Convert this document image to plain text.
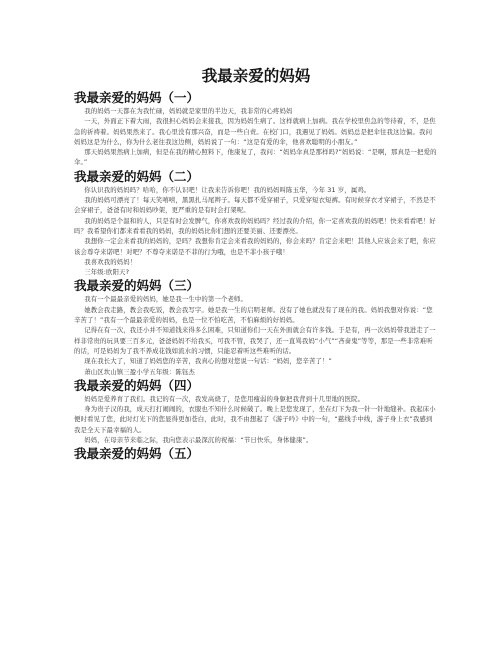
我最亲爱的妈妈
我最亲爱的妈妈（一）

我的妈妈一天都在为我忙碌，妈妈就是家里的半边天，我非常的心疼妈妈

一天，外面正下着大雨，我很担心妈妈会来接我，因为妈妈生病了。这样就病上加病。我在学校里焦急的等待着，不，是焦急的祈祷着。妈妈果然来了。我心里没有那兴奋，而是一些自责。在校门口，我遇见了妈妈。妈妈总是把伞往我这边偏。我问妈妈这是为什么，你为什么老往我这边侧，妈妈说了一句：“这是有爱的伞，他喜欢聪明的小朋友。”

那天妈妈果然病上加病，但是在我的精心照料下，他康复了，我问：“妈妈伞真是那样吗?”妈妈说：“是啊，那真是一把爱的伞。”

我最亲爱的妈妈（二）

你认识我的妈妈吗？哈哈，你不认识吧！让我来告诉你吧！我的妈妈叫陈玉华，今年 31 岁，属鸡。

我的妈妈可漂亮了！每天笑嘻嘻，黑黑扎马尾辫子。每天都不爱穿裙子，只爱穿短衣短裤。有时候穿衣才穿裙子，不然是不会穿裙子，爸爸有时和妈妈吵架，更严重的是有时会打架呢。

我的妈妈是个温和的人，只是有时会发脾气，你喜欢我的妈妈吗？经过我的介绍，你一定喜欢我的妈妈吧！快来看看吧！好吗？我希望你们都来看看我的妈妈，我的妈妈比你们想的还要美丽、还要漂亮。

我想你一定会来看我的妈妈的，是吗？我想你肯定会来看我的妈妈的，你会来吗？肯定会来吧！其他人应该会来了吧，你应该会尊夺来诺吧！对吧？不尊夺来诺是不菲的行为哦，也是不菲小孩子哦！

我喜欢我的妈妈！

三年级:欧阳天?

我最亲爱的妈妈（三）

我有一个最最亲爱的妈妈，她是我一生中的第一个老师。

她教会我走路，教会我吃饭，教会我写字。她是我一生的启明老师。没有了她也就没有了现在的我。妈妈我想对你说：“您辛苦了！”我有一个最最亲爱的妈妈，也是一位不怕吃苦，不怕麻烦的好妈妈。

记得在有一次，我还小并不知道钱来得多么困难，只知道你们一天在外面就会有许多钱。于是有，再一次妈妈带我进走了一样非常贵的玩具要三百多元，爸爸妈妈不给我买，可我不管，我哭了，还一直骂我妈“小气”“吝啬鬼”等等，那是一些非常难听的话，可是妈妈为了我不养成花钱如流水的习惯，只能忍着听这些难听的话。

现在我长大了，知道了妈妈您的辛苦，我真心的想对您说一句话：“妈妈，您辛苦了！”

萧山区坎山镇三盈小学五年级：陈钰杰

我最亲爱的妈妈（四）

妈妈是爱养育了我们。我记的有一次，我发高烧了，是您用瘦弱的身躯把我背到十几里地的医院。

身为贵子汉的我，成天打打闹闹的，衣服也不知什么时候破了。晚上是您发现了，坐在灯下为我一针一针地缝补。我起床小便时看见了您，此时灯光下的您显得更加苍白，此时，我不由想起了《游子吟》中的一句，“慈线手中线，游子身上衣”我感到我是全天下最幸福的人。

妈妈，在母亲节来临之际，我向您表示最深沉的祝福：“节日快乐，身体健康”。

我最亲爱的妈妈（五）
